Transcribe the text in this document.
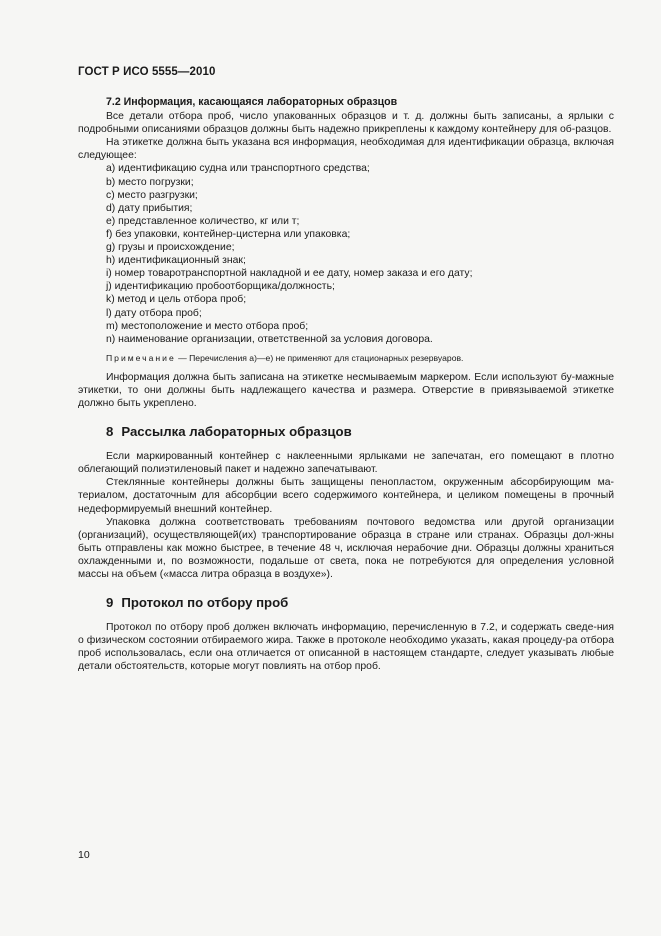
ГОСТ Р ИСО 5555—2010
7.2 Информация, касающаяся лабораторных образцов

Все детали отбора проб, число упакованных образцов и т. д. должны быть записаны, а ярлыки с подробными описаниями образцов должны быть надежно прикреплены к каждому контейнеру для об-разцов.

На этикетке должна быть указана вся информация, необходимая для идентификации образца, включая следующее:

a) идентификацию судна или транспортного средства;
b) место погрузки;
c) место разгрузки;
d) дату прибытия;
e) представленное количество, кг или т;
f) без упаковки, контейнер-цистерна или упаковка;
g) грузы и происхождение;
h) идентификационный знак;
i) номер товаротранспортной накладной и ее дату, номер заказа и его дату;
j) идентификацию пробоотборщика/должность;
k) метод и цель отбора проб;
l) дату отбора проб;
m) местоположение и место отбора проб;
n) наименование организации, ответственной за условия договора.
Примечание — Перечисления a)—e) не применяют для стационарных резервуаров.

Информация должна быть записана на этикетке несмываемым маркером. Если используют бу-мажные этикетки, то они должны быть надлежащего качества и размера. Отверстие в привязываемой этикетке должно быть укреплено.

8 Рассылка лабораторных образцов

Если маркированный контейнер с наклеенными ярлыками не запечатан, его помещают в плотно облегающий полиэтиленовый пакет и надежно запечатывают.

Стеклянные контейнеры должны быть защищены пенопластом, окруженным абсорбирующим ма-териалом, достаточным для абсорбции всего содержимого контейнера, и целиком помещены в прочный недеформируемый внешний контейнер.

Упаковка должна соответствовать требованиям почтового ведомства или другой организации (организаций), осуществляющей(их) транспортирование образца в стране или странах. Образцы дол-жны быть отправлены как можно быстрее, в течение 48 ч, исключая нерабочие дни. Образцы должны храниться охлажденными и, по возможности, подальше от света, пока не потребуются для определения условной массы на объем («масса литра образца в воздухе»).

9 Протокол по отбору проб

Протокол по отбору проб должен включать информацию, перечисленную в 7.2, и содержать сведе-ния о физическом состоянии отбираемого жира. Также в протоколе необходимо указать, какая процеду-ра отбора проб использовалась, если она отличается от описанной в настоящем стандарте, следует указывать любые детали обстоятельств, которые могут повлиять на отбор проб.

10
